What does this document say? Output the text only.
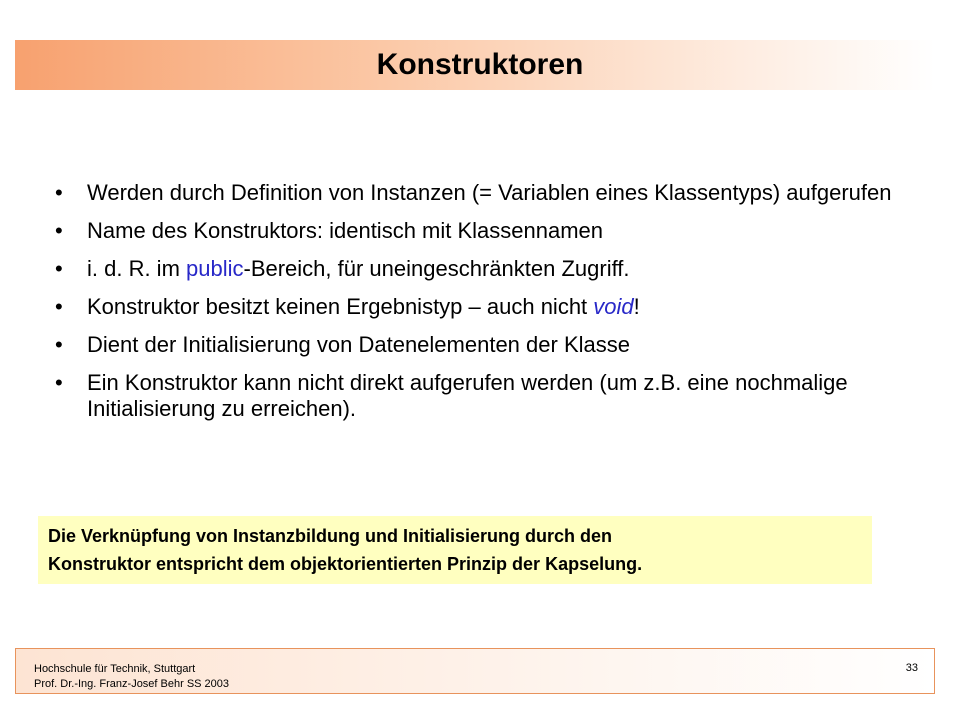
Konstruktoren
• Werden durch Definition von Instanzen (= Variablen eines Klassentyps) aufgerufen
• Name des Konstruktors: identisch mit Klassennamen
• i. d. R. im public-Bereich, für uneingeschränkten Zugriff.
• Konstruktor besitzt keinen Ergebnistyp – auch nicht void!
• Dient der Initialisierung von Datenelementen der Klasse
• Ein Konstruktor kann nicht direkt aufgerufen werden (um z.B. eine nochmalige Initialisierung zu erreichen).
Die Verknüpfung von Instanzbildung und Initialisierung durch den
Konstruktor entspricht dem objektorientierten Prinzip der Kapselung.
Hochschule für Technik, Stuttgart
Prof. Dr.-Ing. Franz-Josef Behr SS 2003
33
